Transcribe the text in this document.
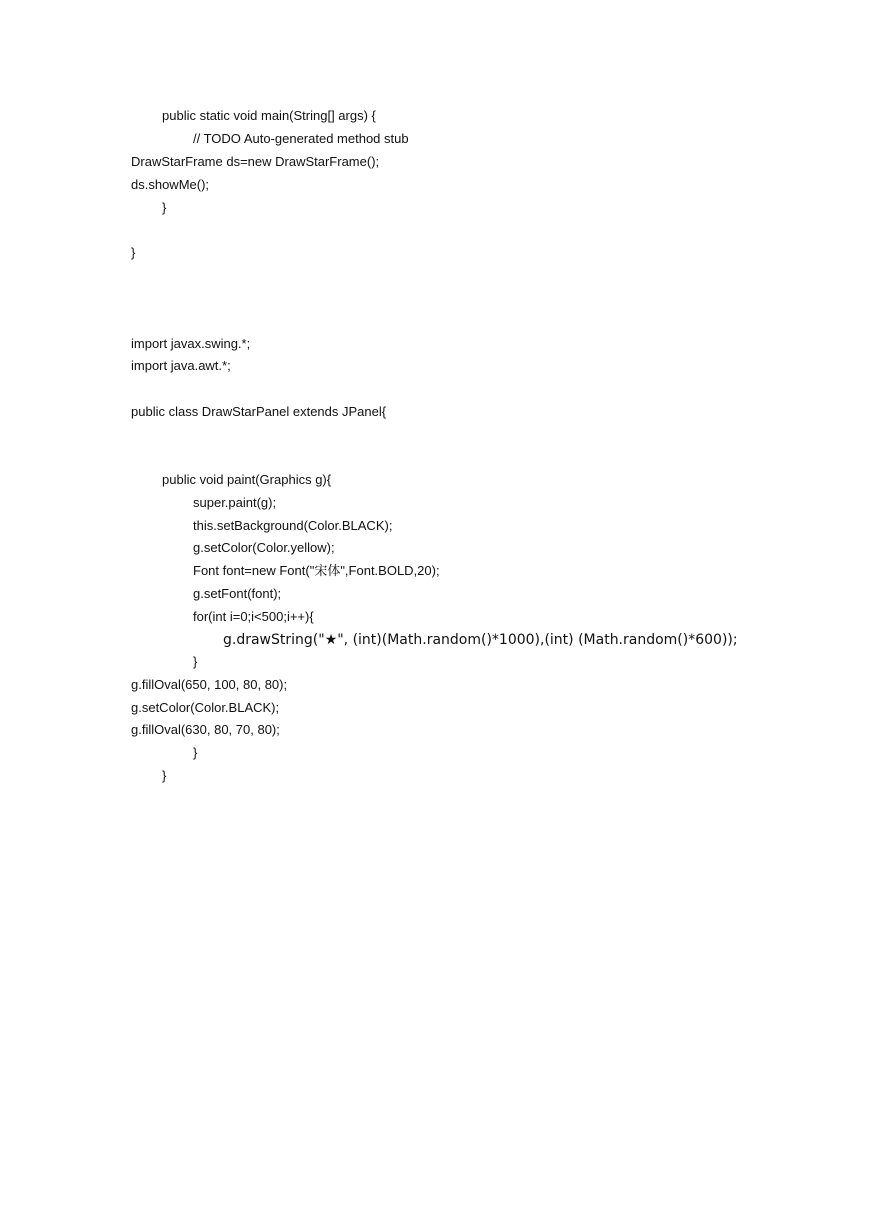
public static void main(String[] args) {
// TODO Auto-generated method stub
DrawStarFrame ds=new DrawStarFrame();
ds.showMe();
}
}
import javax.swing.*;
import java.awt.*;
public class DrawStarPanel extends JPanel{
public void paint(Graphics g){
super.paint(g);
this.setBackground(Color.BLACK);
g.setColor(Color.yellow);
Font font=new Font("宋体",Font.BOLD,20);
g.setFont(font);
for(int i=0;i<500;i++){
g.drawString("★", (int)(Math.random()*1000),(int) (Math.random()*600));
}
g.fillOval(650, 100, 80, 80);
g.setColor(Color.BLACK);
g.fillOval(630, 80, 70, 80);
}
}
